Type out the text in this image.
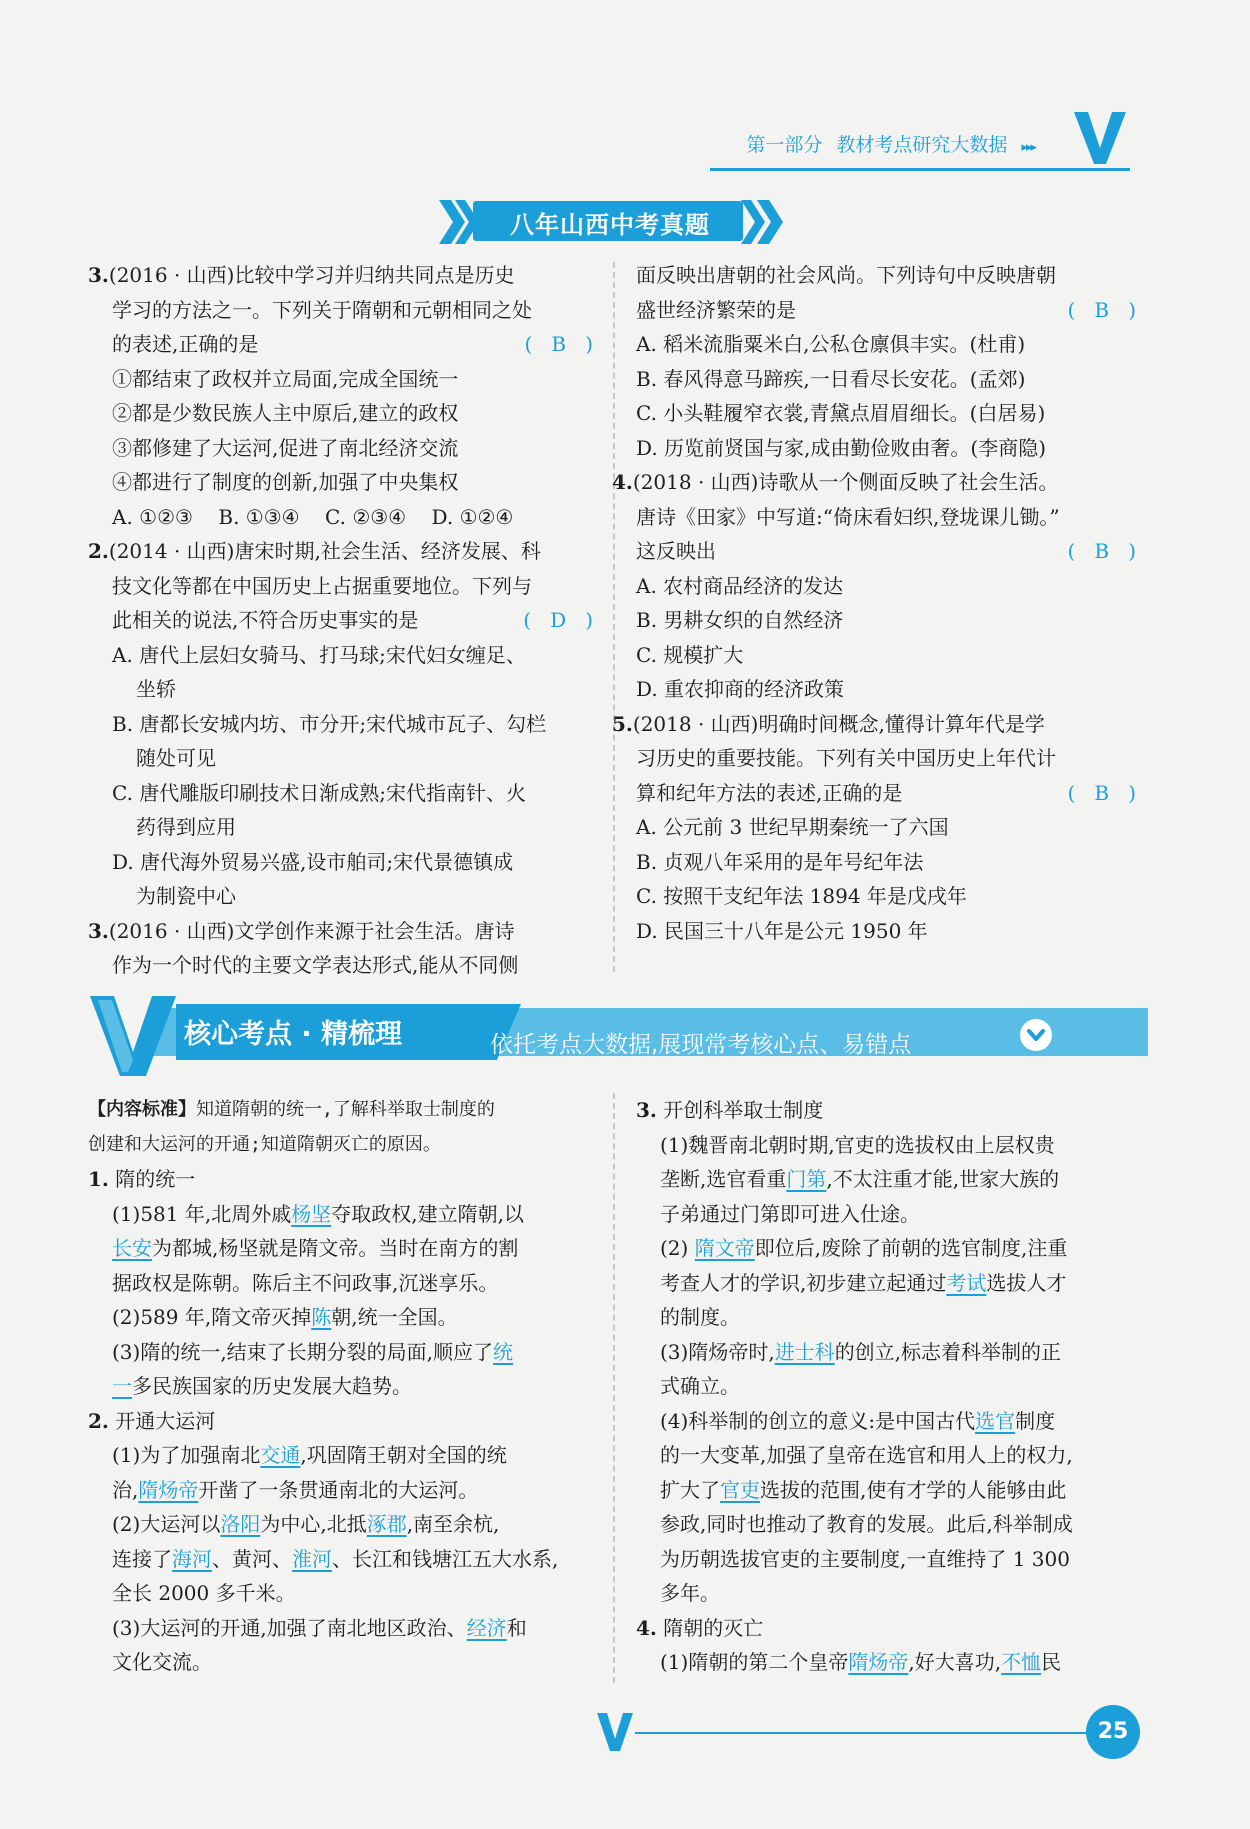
第一部分 教材考点研究大数据 ▸▸▸
八年山西中考真题

3.(2016 · 山西)比较中学习并归纳共同点是历史

学习的方法之一。下列关于隋朝和元朝相同之处

的表述,正确的是	(   B   )

①都结束了政权并立局面,完成全国统一

②都是少数民族人主中原后,建立的政权

③都修建了大运河,促进了南北经济交流

④都进行了制度的创新,加强了中央集权

A. ①②③    B. ①③④    C. ②③④    D. ①②④

2.(2014 · 山西)唐宋时期,社会生活、经济发展、科

技文化等都在中国历史上占据重要地位。下列与

此相关的说法,不符合历史事实的是	(   D   )

A. 唐代上层妇女骑马、打马球;宋代妇女缠足、

坐轿

B. 唐都长安城内坊、市分开;宋代城市瓦子、勾栏

随处可见

C. 唐代雕版印刷技术日渐成熟;宋代指南针、火

药得到应用

D. 唐代海外贸易兴盛,设市舶司;宋代景德镇成

为制瓷中心

3.(2016 · 山西)文学创作来源于社会生活。唐诗

作为一个时代的主要文学表达形式,能从不同侧

面反映出唐朝的社会风尚。下列诗句中反映唐朝

盛世经济繁荣的是	(   B   )

A. 稻米流脂粟米白,公私仓廪俱丰实。(杜甫)

B. 春风得意马蹄疾,一日看尽长安花。(孟郊)

C. 小头鞋履窄衣裳,青黛点眉眉细长。(白居易)

D. 历览前贤国与家,成由勤俭败由奢。(李商隐)

4.(2018 · 山西)诗歌从一个侧面反映了社会生活。

唐诗《田家》中写道:“倚床看妇织,登垅课儿锄。”

这反映出	(   B   )

A. 农村商品经济的发达

B. 男耕女织的自然经济

C. 规模扩大

D. 重农抑商的经济政策

5.(2018 · 山西)明确时间概念,懂得计算年代是学

习历史的重要技能。下列有关中国历史上年代计

算和纪年方法的表述,正确的是	(   B   )

A. 公元前 3 世纪早期秦统一了六国

B. 贞观八年采用的是年号纪年法

C. 按照干支纪年法 1894 年是戊戌年

D. 民国三十八年是公元 1950 年

核心考点 · 精梳理	依托考点大数据,展现常考核心点、易错点

【内容标准】知道隋朝的统一,了解科举取士制度的

创建和大运河的开通;知道隋朝灭亡的原因。

1. 隋的统一

(1)581 年,北周外戚杨坚夺取政权,建立隋朝,以

长安为都城,杨坚就是隋文帝。当时在南方的割

据政权是陈朝。陈后主不问政事,沉迷享乐。

(2)589 年,隋文帝灭掉陈朝,统一全国。

(3)隋的统一,结束了长期分裂的局面,顺应了统

一多民族国家的历史发展大趋势。

2. 开通大运河

(1)为了加强南北交通,巩固隋王朝对全国的统

治,隋炀帝开凿了一条贯通南北的大运河。

(2)大运河以洛阳为中心,北抵涿郡,南至余杭,

连接了海河、黄河、淮河、长江和钱塘江五大水系,

全长 2000 多千米。

(3)大运河的开通,加强了南北地区政治、经济和

文化交流。

3. 开创科举取士制度

(1)魏晋南北朝时期,官吏的选拔权由上层权贵

垄断,选官看重门第,不太注重才能,世家大族的

子弟通过门第即可进入仕途。

(2) 隋文帝即位后,废除了前朝的选官制度,注重

考查人才的学识,初步建立起通过考试选拔人才

的制度。

(3)隋炀帝时,进士科的创立,标志着科举制的正

式确立。

(4)科举制的创立的意义:是中国古代选官制度

的一大变革,加强了皇帝在选官和用人上的权力,

扩大了官吏选拔的范围,使有才学的人能够由此

参政,同时也推动了教育的发展。此后,科举制成

为历朝选拔官吏的主要制度,一直维持了 1 300

多年。

4. 隋朝的灭亡

(1)隋朝的第二个皇帝隋炀帝,好大喜功,不恤民

25
